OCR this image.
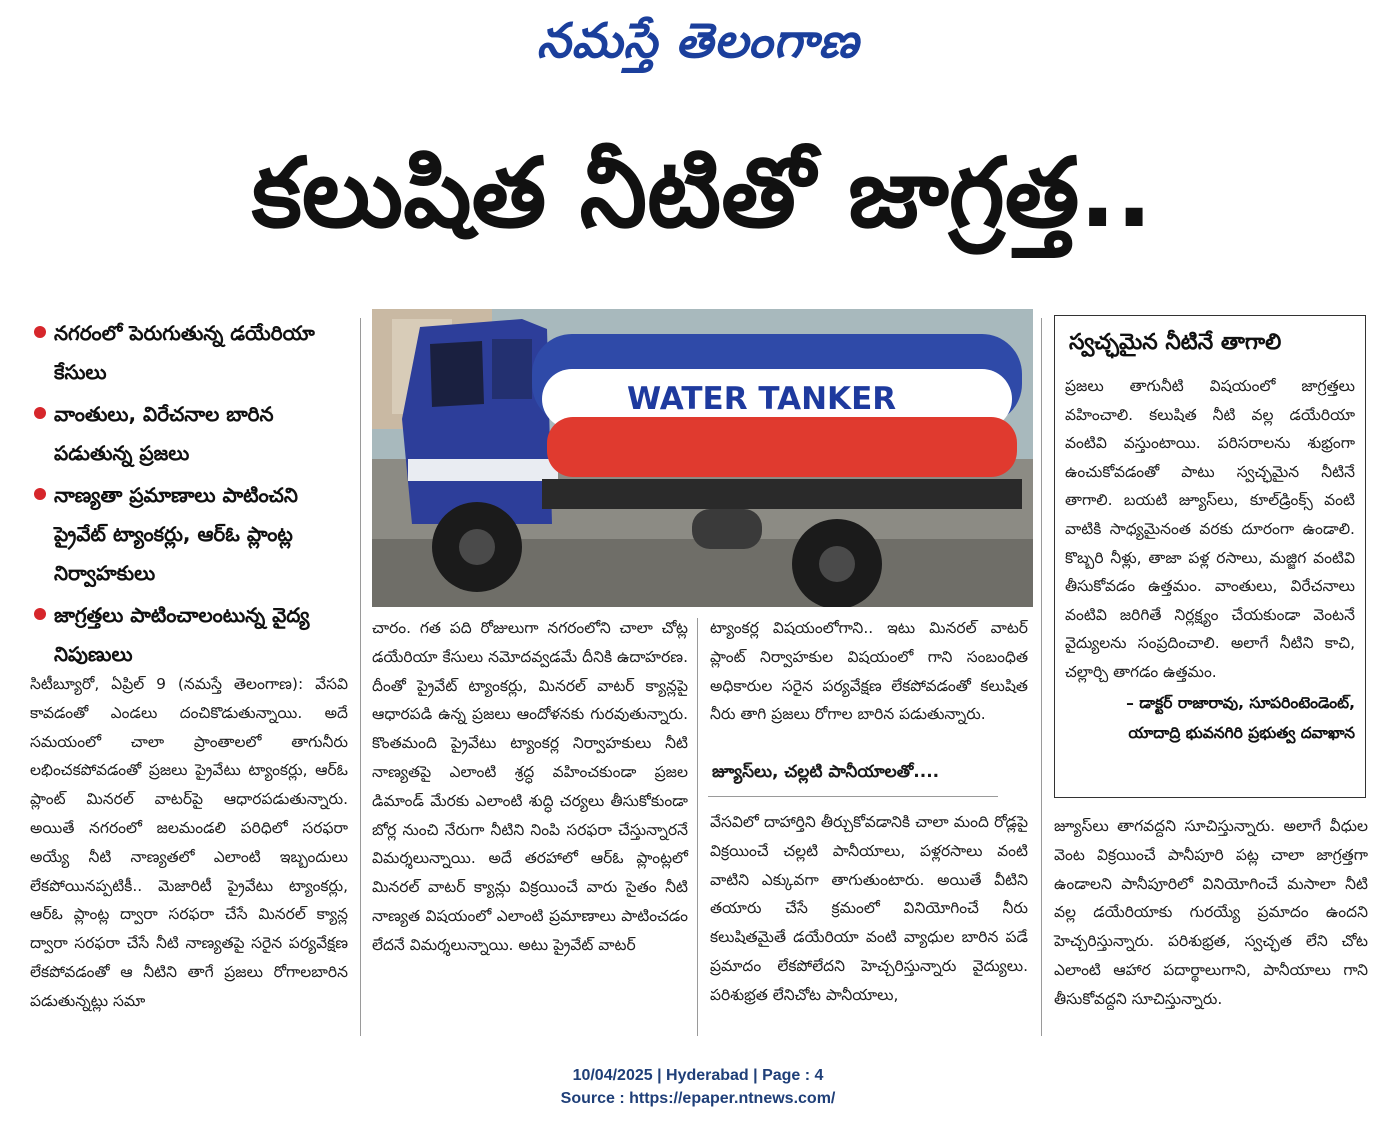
నమస్తే తెలంగాణ
కలుషిత నీటితో జాగ్రత్త..
నగరంలో పెరుగుతున్న డయేరియా కేసులు
వాంతులు, విరేచనాల బారిన పడుతున్న ప్రజలు
నాణ్యతా ప్రమాణాలు పాటించని ప్రైవేట్ ట్యాంకర్లు, ఆర్ఓ ప్లాంట్ల నిర్వాహకులు
జాగ్రత్తలు పాటించాలంటున్న వైద్య నిపుణులు
WATER TANKER

సిటీబ్యూరో, ఏప్రిల్ 9 (నమస్తే తెలంగాణ): వేసవి కావడంతో ఎండలు దంచికొడుతున్నాయి. అదే సమయంలో చాలా ప్రాంతాలలో తాగునీరు లభించకపోవడంతో ప్రజలు ప్రైవేటు ట్యాంకర్లు, ఆర్ఓ ప్లాంట్ మినరల్ వాటర్‌పై ఆధారపడుతున్నారు. అయితే నగరంలో జలమండలి పరిధిలో సరఫరా అయ్యే నీటి నాణ్యతలో ఎలాంటి ఇబ్బందులు లేకపోయినప్పటికీ.. మెజారిటీ ప్రైవేటు ట్యాంకర్లు, ఆర్ఓ ప్లాంట్ల ద్వారా సరఫరా చేసే మినరల్ క్యాన్ల ద్వారా సరఫరా చేసే నీటి నాణ్యతపై సరైన పర్యవేక్షణ లేకపోవడంతో ఆ నీటిని తాగే ప్రజలు రోగాలబారిన పడుతున్నట్లు సమా

చారం. గత పది రోజులుగా నగరంలోని చాలా చోట్ల డయేరియా కేసులు నమోదవ్వడమే దీనికి ఉదాహరణ. దీంతో ప్రైవేట్ ట్యాంకర్లు, మినరల్ వాటర్ క్యాన్లపై ఆధారపడి ఉన్న ప్రజలు ఆందోళనకు గురవుతున్నారు. కొంతమంది ప్రైవేటు ట్యాంకర్ల నిర్వాహకులు నీటి నాణ్యతపై ఎలాంటి శ్రద్ధ వహించకుండా ప్రజల డిమాండ్ మేరకు ఎలాంటి శుద్ధి చర్యలు తీసుకోకుండా బోర్ల నుంచి నేరుగా నీటిని నింపి సరఫరా చేస్తున్నారనే విమర్శలున్నాయి. అదే తరహాలో ఆర్ఓ ప్లాంట్లలో మినరల్ వాటర్ క్యాన్లు విక్రయించే వారు సైతం నీటి నాణ్యత విషయంలో ఎలాంటి ప్రమాణాలు పాటించడం లేదనే విమర్శలున్నాయి. అటు ప్రైవేట్ వాటర్

ట్యాంకర్ల విషయంలోగాని.. ఇటు మినరల్ వాటర్ ప్లాంట్ నిర్వాహకుల విషయంలో గాని సంబంధిత అధికారుల సరైన పర్యవేక్షణ లేకపోవడంతో కలుషిత నీరు తాగి ప్రజలు రోగాల బారిన పడుతున్నారు.

జ్యూస్‌లు, చల్లటి పానీయాలతో....

వేసవిలో దాహార్తిని తీర్చుకోవడానికి చాలా మంది రోడ్లపై విక్రయించే చల్లటి పానీయాలు, పళ్లరసాలు వంటి వాటిని ఎక్కువగా తాగుతుంటారు. అయితే వీటిని తయారు చేసే క్రమంలో వినియోగించే నీరు కలుషితమైతే డయేరియా వంటి వ్యాధుల బారిన పడే ప్రమాదం లేకపోలేదని హెచ్చరిస్తున్నారు వైద్యులు. పరిశుభ్రత లేనిచోట పానీయాలు,

స్వచ్ఛమైన నీటినే తాగాలి
ప్రజలు తాగునీటి విషయంలో జాగ్రత్తలు వహించాలి. కలుషిత నీటి వల్ల డయేరియా వంటివి వస్తుంటాయి. పరిసరాలను శుభ్రంగా ఉంచుకోవడంతో పాటు స్వచ్ఛమైన నీటినే తాగాలి. బయటి జ్యూస్‌లు, కూల్‌డ్రింక్స్ వంటి వాటికి సాధ్యమైనంత వరకు దూరంగా ఉండాలి. కొబ్బరి నీళ్లు, తాజా పళ్ల రసాలు, మజ్జిగ వంటివి తీసుకోవడం ఉత్తమం. వాంతులు, విరేచనాలు వంటివి జరిగితే నిర్లక్ష్యం చేయకుండా వెంటనే వైద్యులను సంప్రదించాలి. అలాగే నీటిని కాచి, చల్లార్చి తాగడం ఉత్తమం.
– డాక్టర్ రాజారావు, సూపరింటెండెంట్,
యాదాద్రి భువనగిరి ప్రభుత్వ దవాఖాన

జ్యూస్‌లు తాగవద్దని సూచిస్తున్నారు. అలాగే వీధుల వెంట విక్రయించే పానీపూరి పట్ల చాలా జాగ్రత్తగా ఉండాలని పానీపూరిలో వినియోగించే మసాలా నీటి వల్ల డయేరియాకు గురయ్యే ప్రమాదం ఉందని హెచ్చరిస్తున్నారు. పరిశుభ్రత, స్వచ్ఛత లేని చోట ఎలాంటి ఆహార పదార్థాలుగాని, పానీయాలు గాని తీసుకోవద్దని సూచిస్తున్నారు.

10/04/2025 | Hyderabad | Page : 4
Source : https://epaper.ntnews.com/
